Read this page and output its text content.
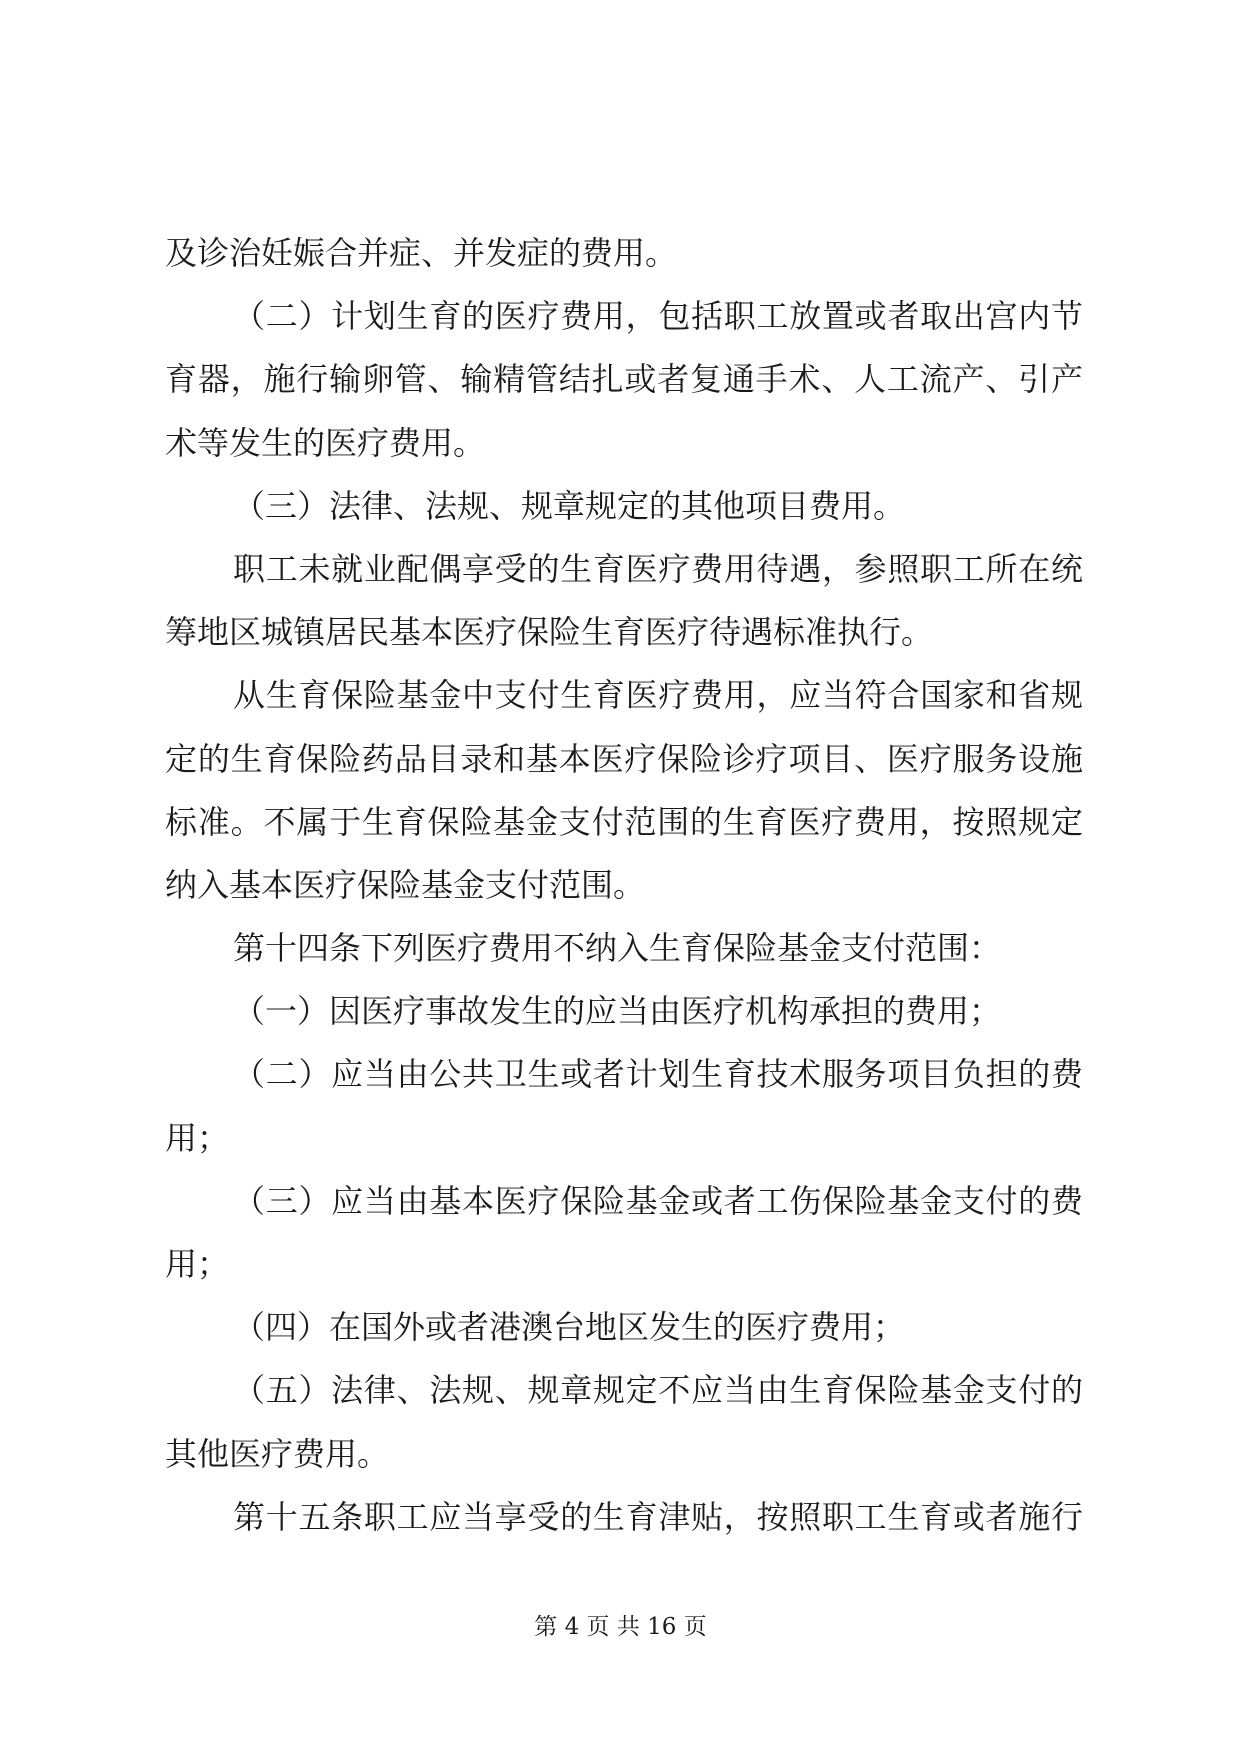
及诊治妊娠合并症、并发症的费用。
（二）计划生育的医疗费用，包括职工放置或者取出宫内节
育器，施行输卵管、输精管结扎或者复通手术、人工流产、引产
术等发生的医疗费用。
（三）法律、法规、规章规定的其他项目费用。
职工未就业配偶享受的生育医疗费用待遇，参照职工所在统
筹地区城镇居民基本医疗保险生育医疗待遇标准执行。
从生育保险基金中支付生育医疗费用，应当符合国家和省规
定的生育保险药品目录和基本医疗保险诊疗项目、医疗服务设施
标准。不属于生育保险基金支付范围的生育医疗费用，按照规定
纳入基本医疗保险基金支付范围。
第十四条下列医疗费用不纳入生育保险基金支付范围：
（一）因医疗事故发生的应当由医疗机构承担的费用；
（二）应当由公共卫生或者计划生育技术服务项目负担的费
用；
（三）应当由基本医疗保险基金或者工伤保险基金支付的费
用；
（四）在国外或者港澳台地区发生的医疗费用；
（五）法律、法规、规章规定不应当由生育保险基金支付的
其他医疗费用。
第十五条职工应当享受的生育津贴，按照职工生育或者施行
第 4 页 共 16 页
